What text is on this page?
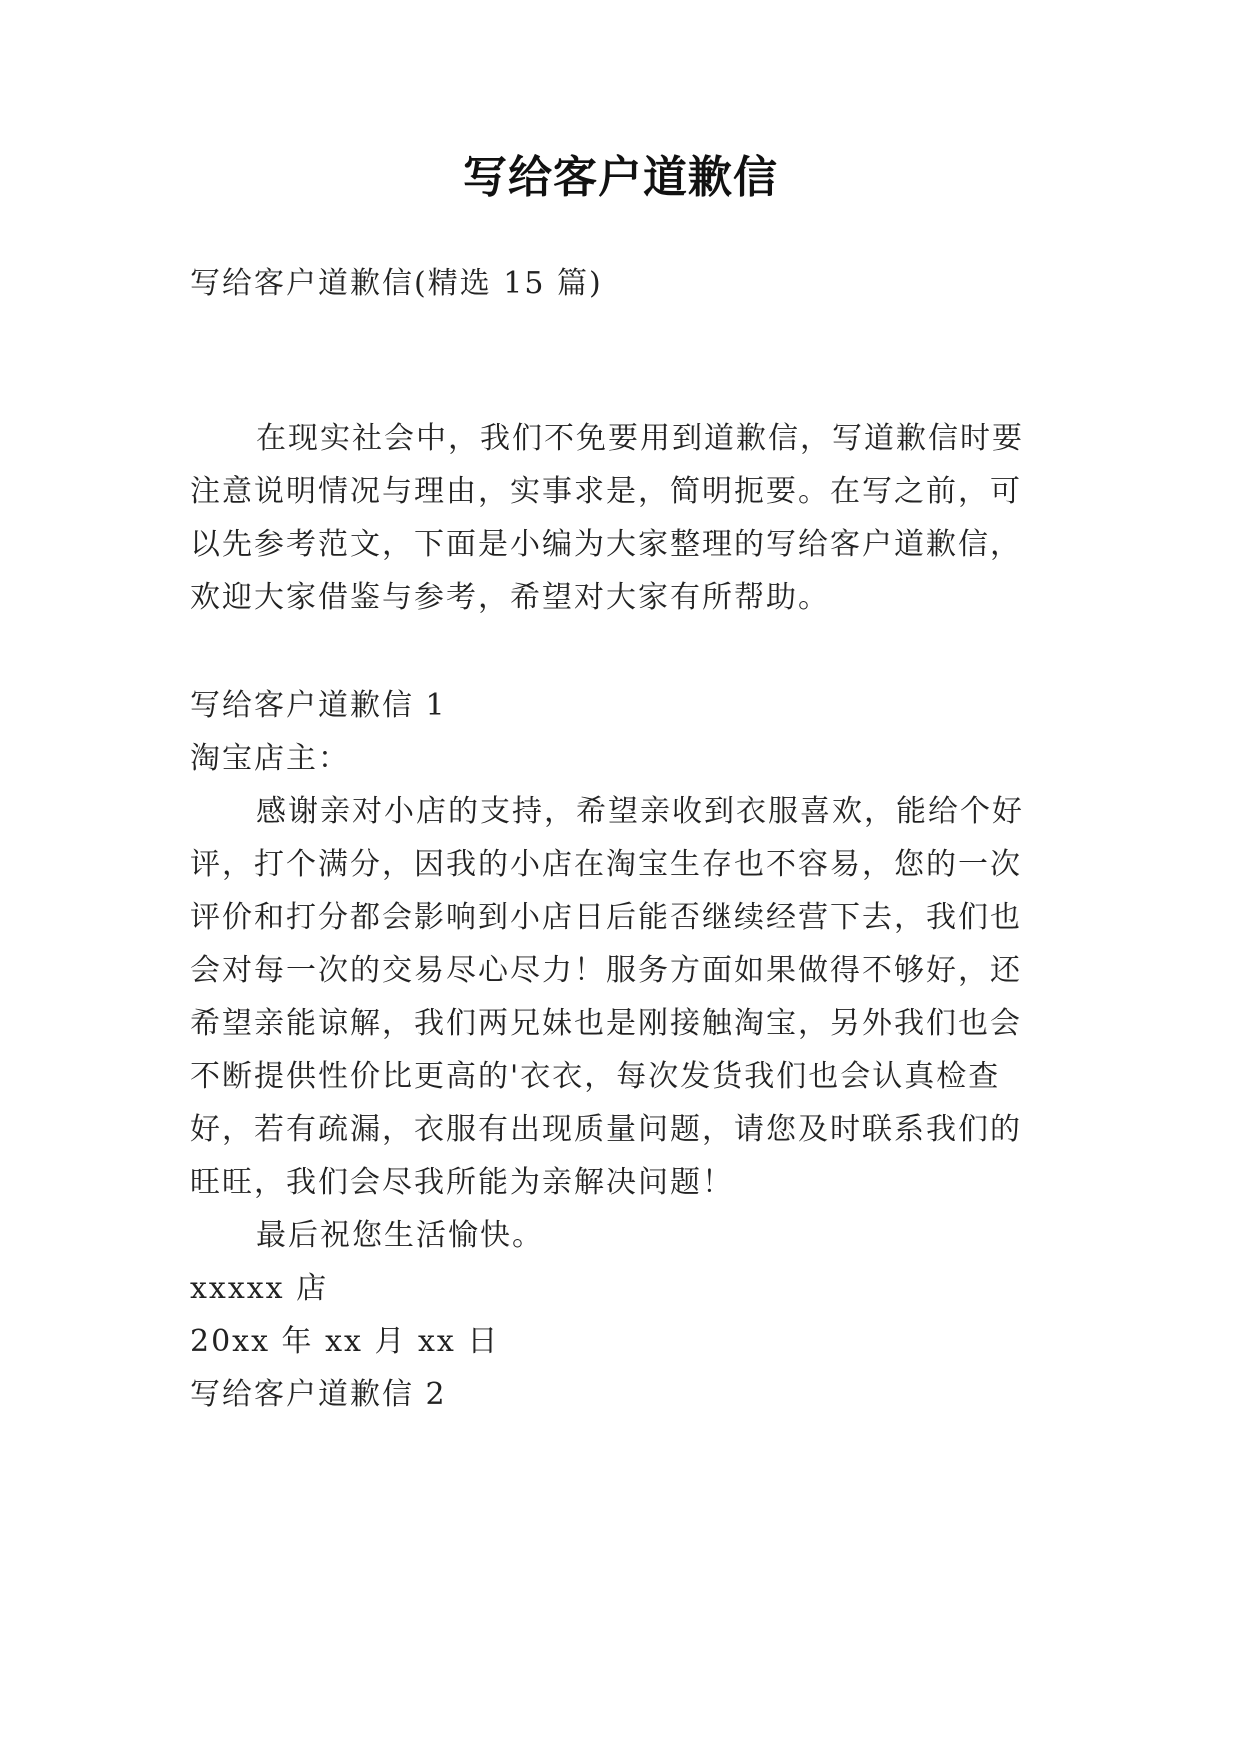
写给客户道歉信

写给客户道歉信(精选 15 篇)

在现实社会中，我们不免要用到道歉信，写道歉信时要

注意说明情况与理由，实事求是，简明扼要。在写之前，可

以先参考范文，下面是小编为大家整理的写给客户道歉信，

欢迎大家借鉴与参考，希望对大家有所帮助。

写给客户道歉信 1

淘宝店主：

感谢亲对小店的支持，希望亲收到衣服喜欢，能给个好

评，打个满分，因我的小店在淘宝生存也不容易，您的一次

评价和打分都会影响到小店日后能否继续经营下去，我们也

会对每一次的交易尽心尽力！服务方面如果做得不够好，还

希望亲能谅解，我们两兄妹也是刚接触淘宝，另外我们也会

不断提供性价比更高的'衣衣，每次发货我们也会认真检查

好，若有疏漏，衣服有出现质量问题，请您及时联系我们的

旺旺，我们会尽我所能为亲解决问题！

最后祝您生活愉快。

xxxxx 店

20xx 年 xx 月 xx 日

写给客户道歉信 2
